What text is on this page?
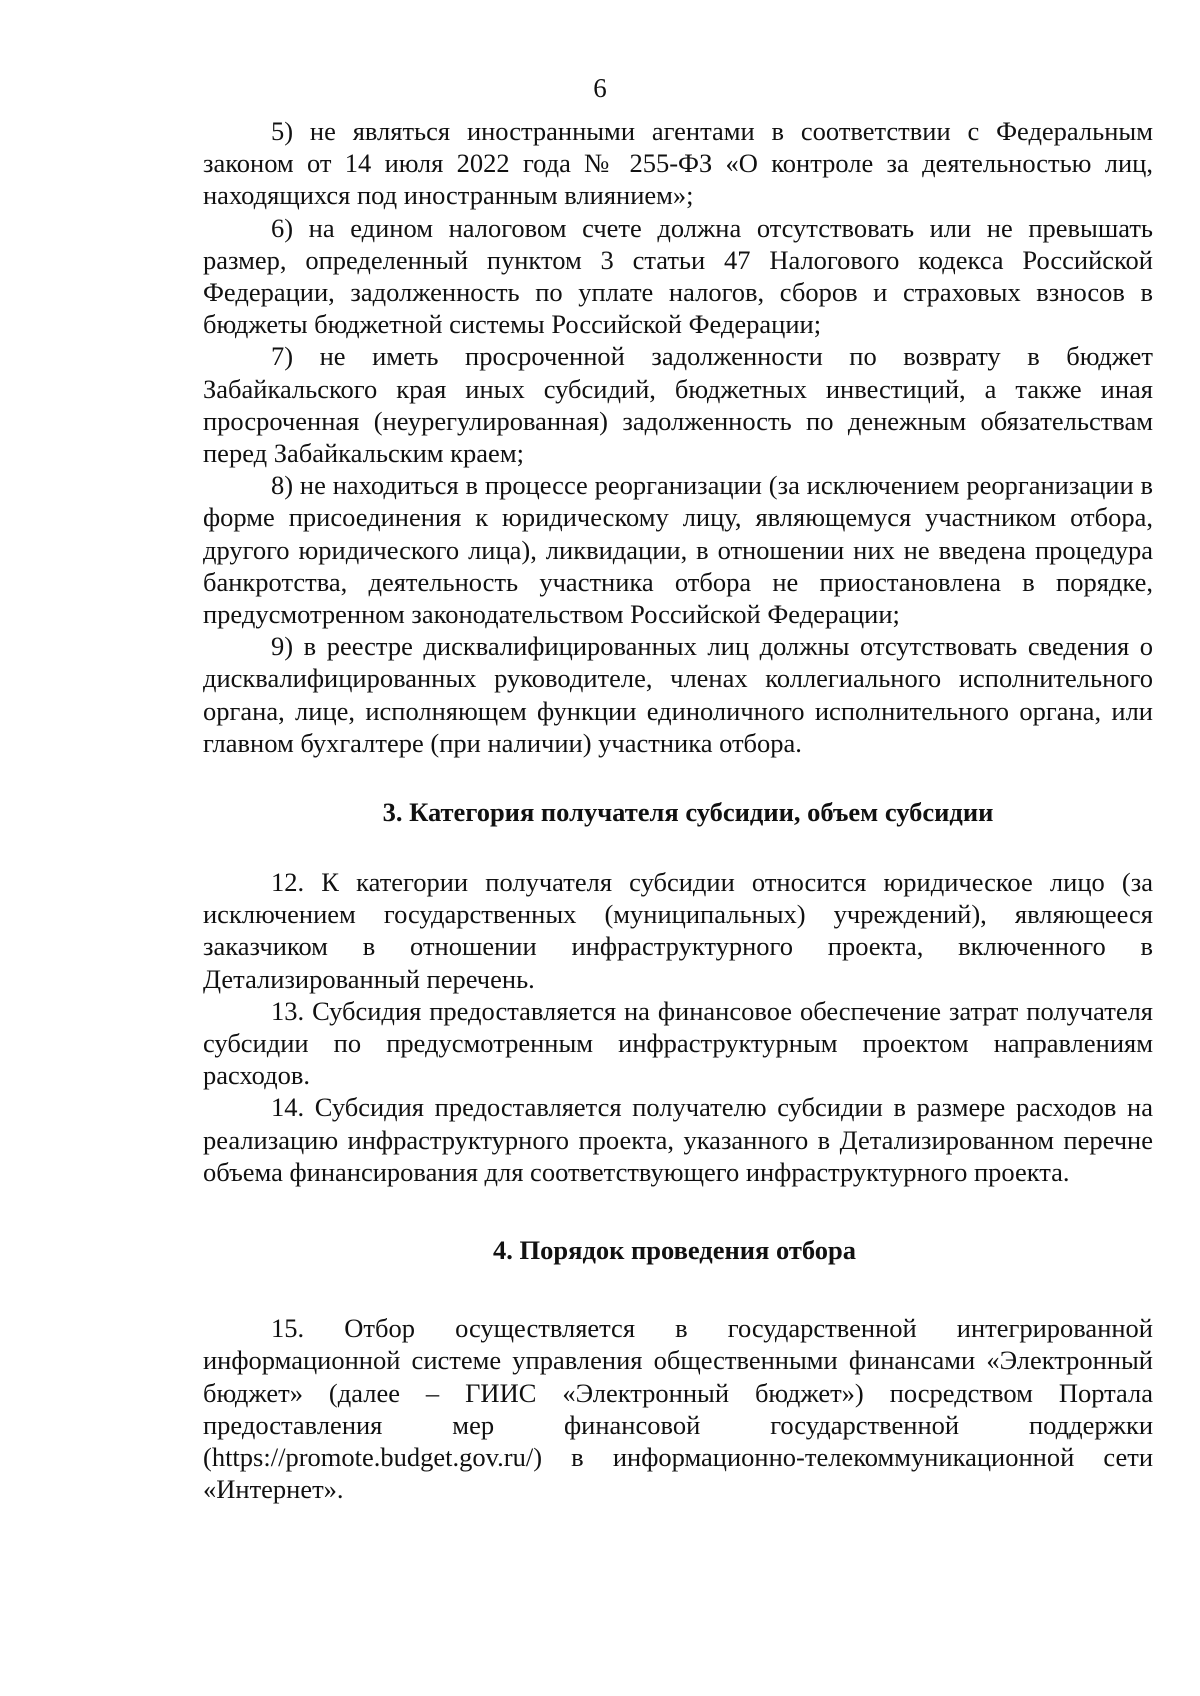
6

5) не являться иностранными агентами в соответствии с Федеральным законом от 14 июля 2022 года № 255-ФЗ «О контроле за деятельностью лиц, находящихся под иностранным влиянием»;

6) на едином налоговом счете должна отсутствовать или не превышать размер, определенный пунктом 3 статьи 47 Налогового кодекса Российской Федерации, задолженность по уплате налогов, сборов и страховых взносов в бюджеты бюджетной системы Российской Федерации;

7) не иметь просроченной задолженности по возврату в бюджет Забайкальского края иных субсидий, бюджетных инвестиций, а также иная просроченная (неурегулированная) задолженность по денежным обязательствам перед Забайкальским краем;

8) не находиться в процессе реорганизации (за исключением реорганизации в форме присоединения к юридическому лицу, являющемуся участником отбора, другого юридического лица), ликвидации, в отношении них не введена процедура банкротства, деятельность участника отбора не приостановлена в порядке, предусмотренном законодательством Российской Федерации;

9) в реестре дисквалифицированных лиц должны отсутствовать сведения о дисквалифицированных руководителе, членах коллегиального исполнительного органа, лице, исполняющем функции единоличного исполнительного органа, или главном бухгалтере (при наличии) участника отбора.

3. Категория получателя субсидии, объем субсидии

12. К категории получателя субсидии относится юридическое лицо (за исключением государственных (муниципальных) учреждений), являющееся заказчиком в отношении инфраструктурного проекта, включенного в Детализированный перечень.

13. Субсидия предоставляется на финансовое обеспечение затрат получателя субсидии по предусмотренным инфраструктурным проектом направлениям расходов.

14. Субсидия предоставляется получателю субсидии в размере расходов на реализацию инфраструктурного проекта, указанного в Детализированном перечне объема финансирования для соответствующего инфраструктурного проекта.

4. Порядок проведения отбора

15. Отбор осуществляется в государственной интегрированной информационной системе управления общественными финансами «Электронный бюджет» (далее – ГИИС «Электронный бюджет») посредством Портала предоставления мер финансовой государственной поддержки (https://promote.budget.gov.ru/) в информационно-телекоммуникационной сети «Интернет».
